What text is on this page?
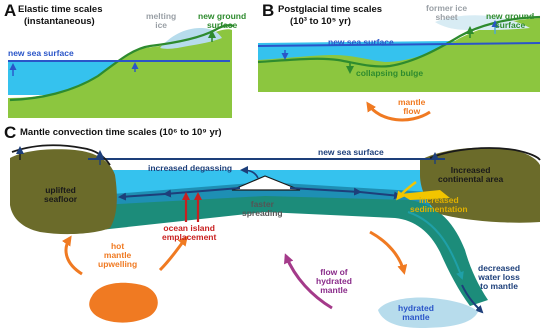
A Elastic time scales
(instantaneous)	melting
ice
new ground
surface
new sea surface
B Postglacial time scales
(10³ to 10⁵ yr)
former ice
sheet	new ground
surface
new sea surface
collapsing bulge
mantle
flow
C Mantle convection time scales (10⁶ to 10⁹ yr)
new sea surface
increased degassing
uplifted
seafloor
faster
spreading
ocean island
emplacement
Increased
continental area
increased
sedimentation
hot
mantle
upwelling
flow of
hydrated
mantle
hydrated
mantle
decreased
water loss
to mantle
